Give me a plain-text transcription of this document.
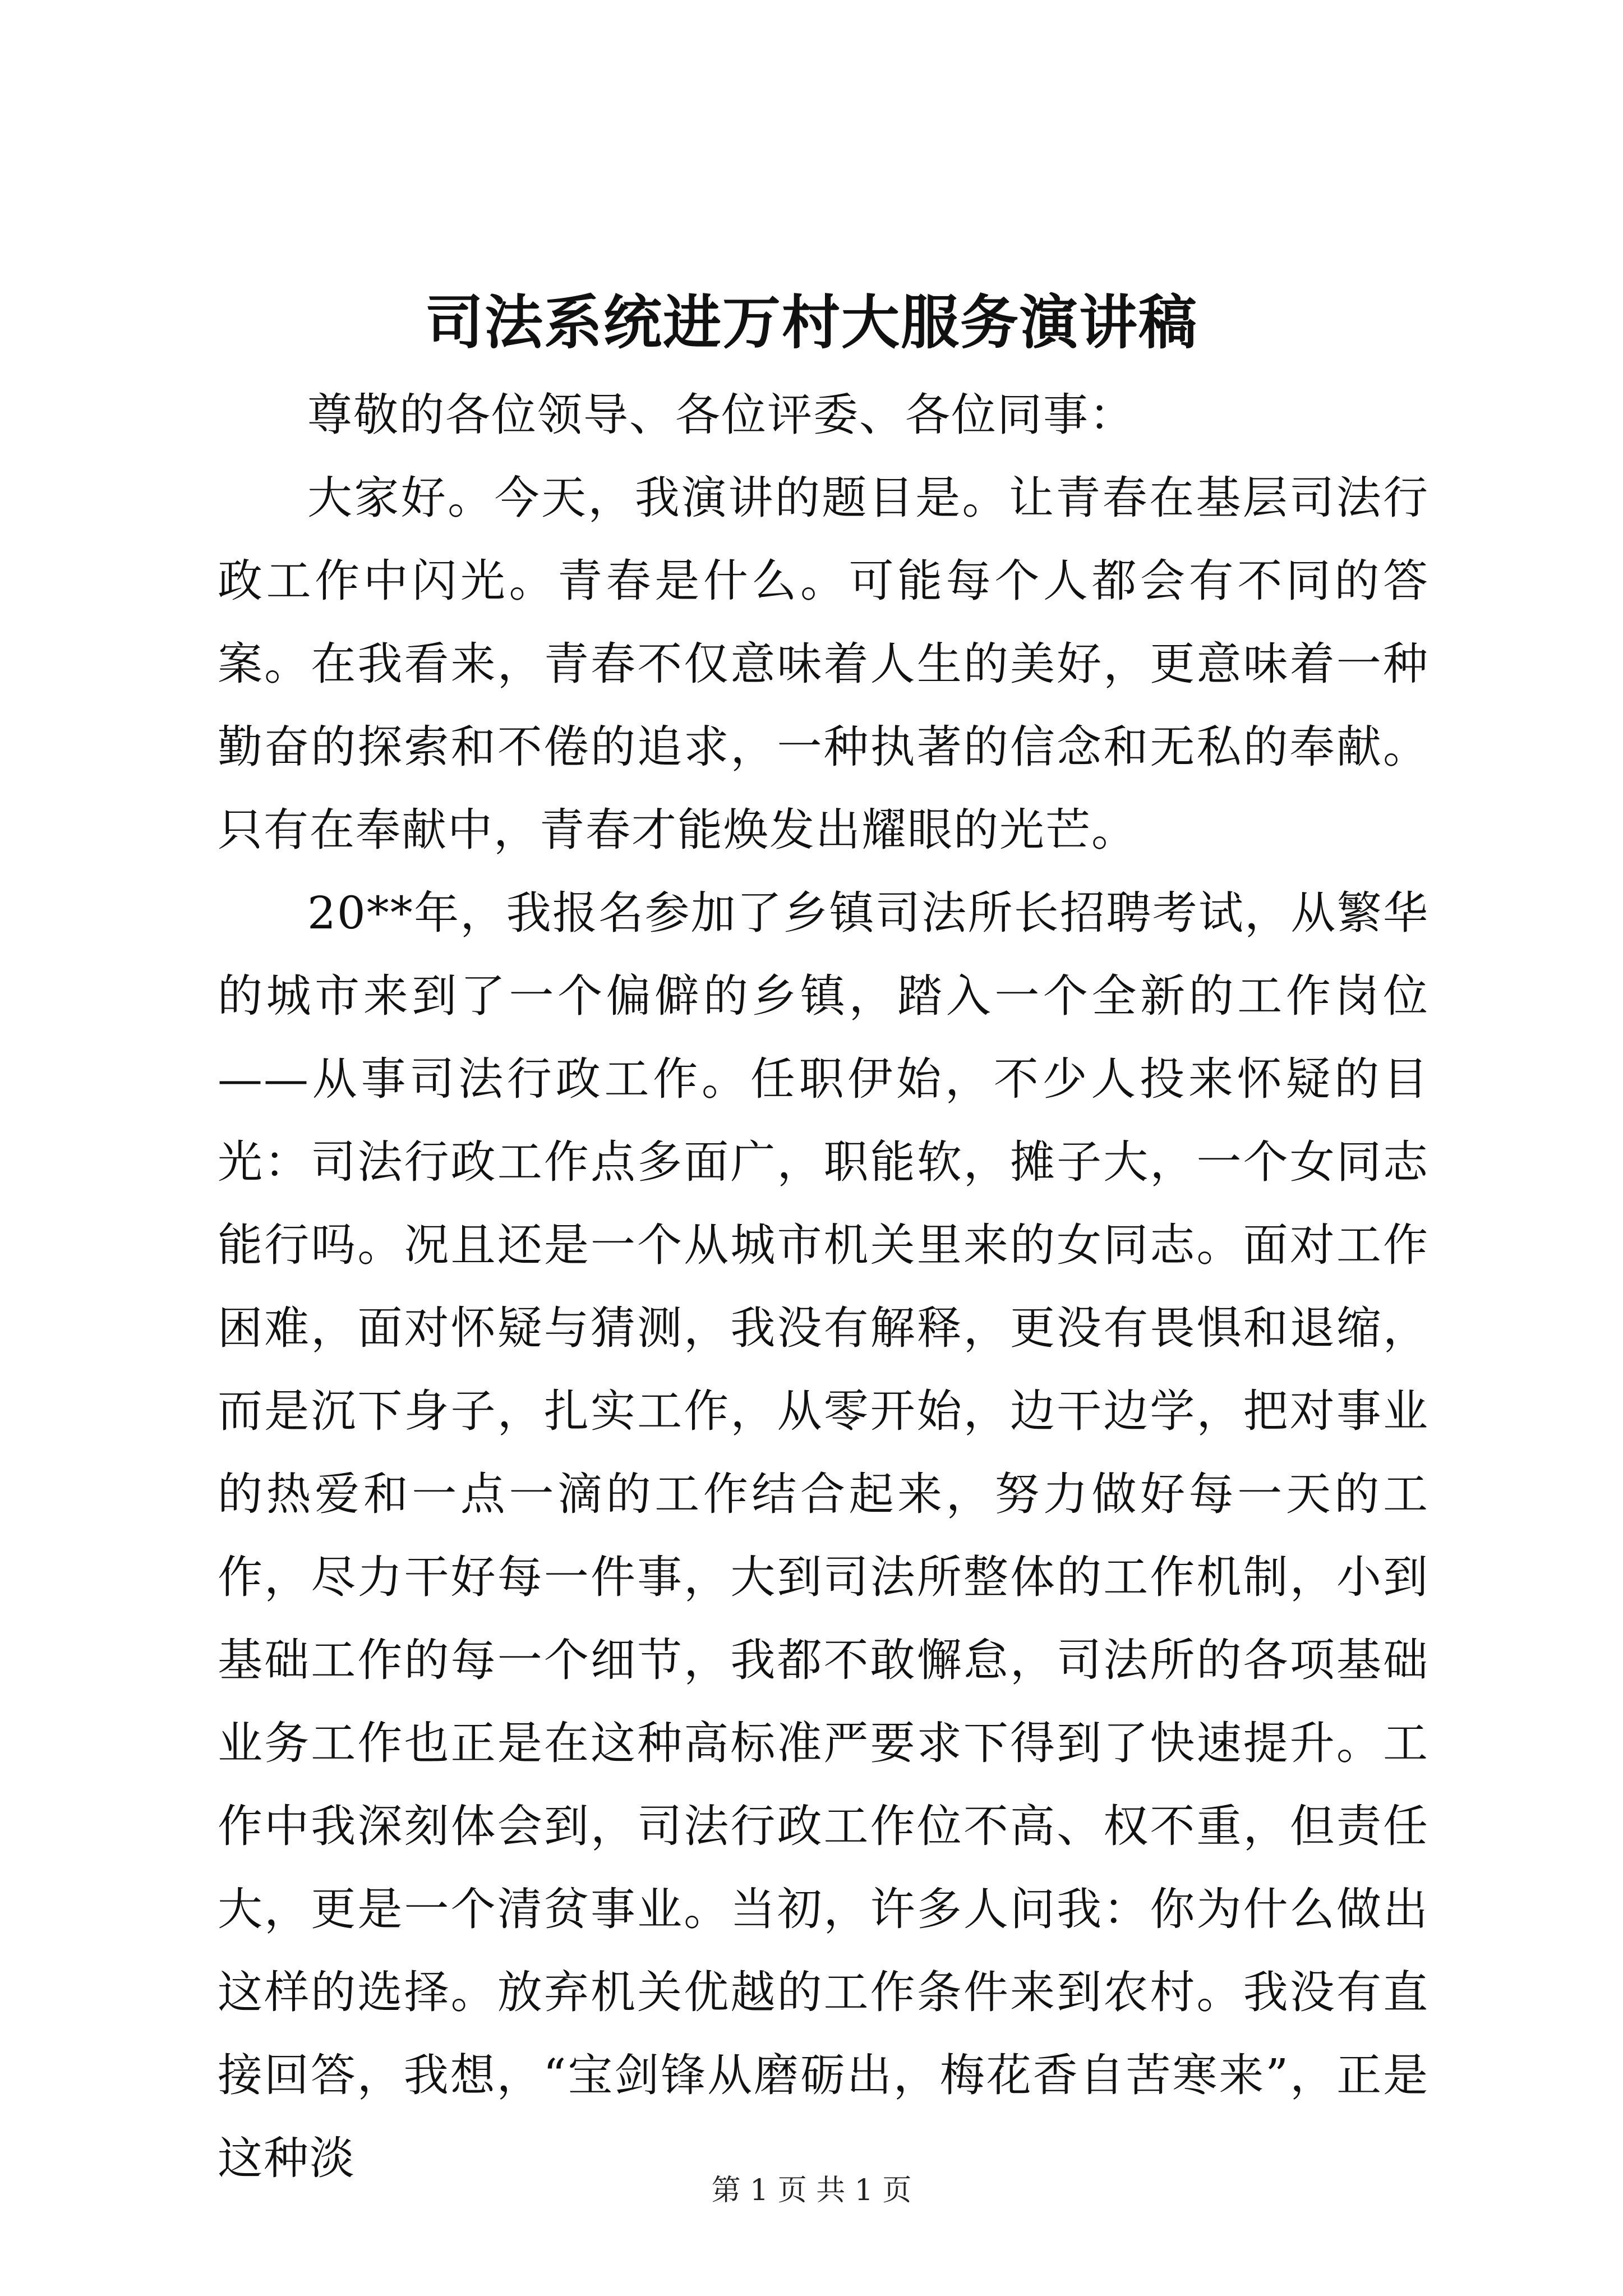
司法系统进万村大服务演讲稿

尊敬的各位领导、各位评委、各位同事：

大家好。今天，我演讲的题目是。让青春在基层司法行政工作中闪光。青春是什么。可能每个人都会有不同的答案。在我看来，青春不仅意味着人生的美好，更意味着一种勤奋的探索和不倦的追求，一种执著的信念和无私的奉献。只有在奉献中，青春才能焕发出耀眼的光芒。

20**年，我报名参加了乡镇司法所长招聘考试，从繁华的城市来到了一个偏僻的乡镇，踏入一个全新的工作岗位——从事司法行政工作。任职伊始，不少人投来怀疑的目光：司法行政工作点多面广，职能软，摊子大，一个女同志能行吗。况且还是一个从城市机关里来的女同志。面对工作困难，面对怀疑与猜测，我没有解释，更没有畏惧和退缩，而是沉下身子，扎实工作，从零开始，边干边学，把对事业的热爱和一点一滴的工作结合起来，努力做好每一天的工作，尽力干好每一件事，大到司法所整体的工作机制，小到基础工作的每一个细节，我都不敢懈怠，司法所的各项基础业务工作也正是在这种高标准严要求下得到了快速提升。工作中我深刻体会到，司法行政工作位不高、权不重，但责任大，更是一个清贫事业。当初，许多人问我：你为什么做出这样的选择。放弃机关优越的工作条件来到农村。我没有直接回答，我想，“宝剑锋从磨砺出，梅花香自苦寒来”，正是这种淡

第 1 页 共 1 页
